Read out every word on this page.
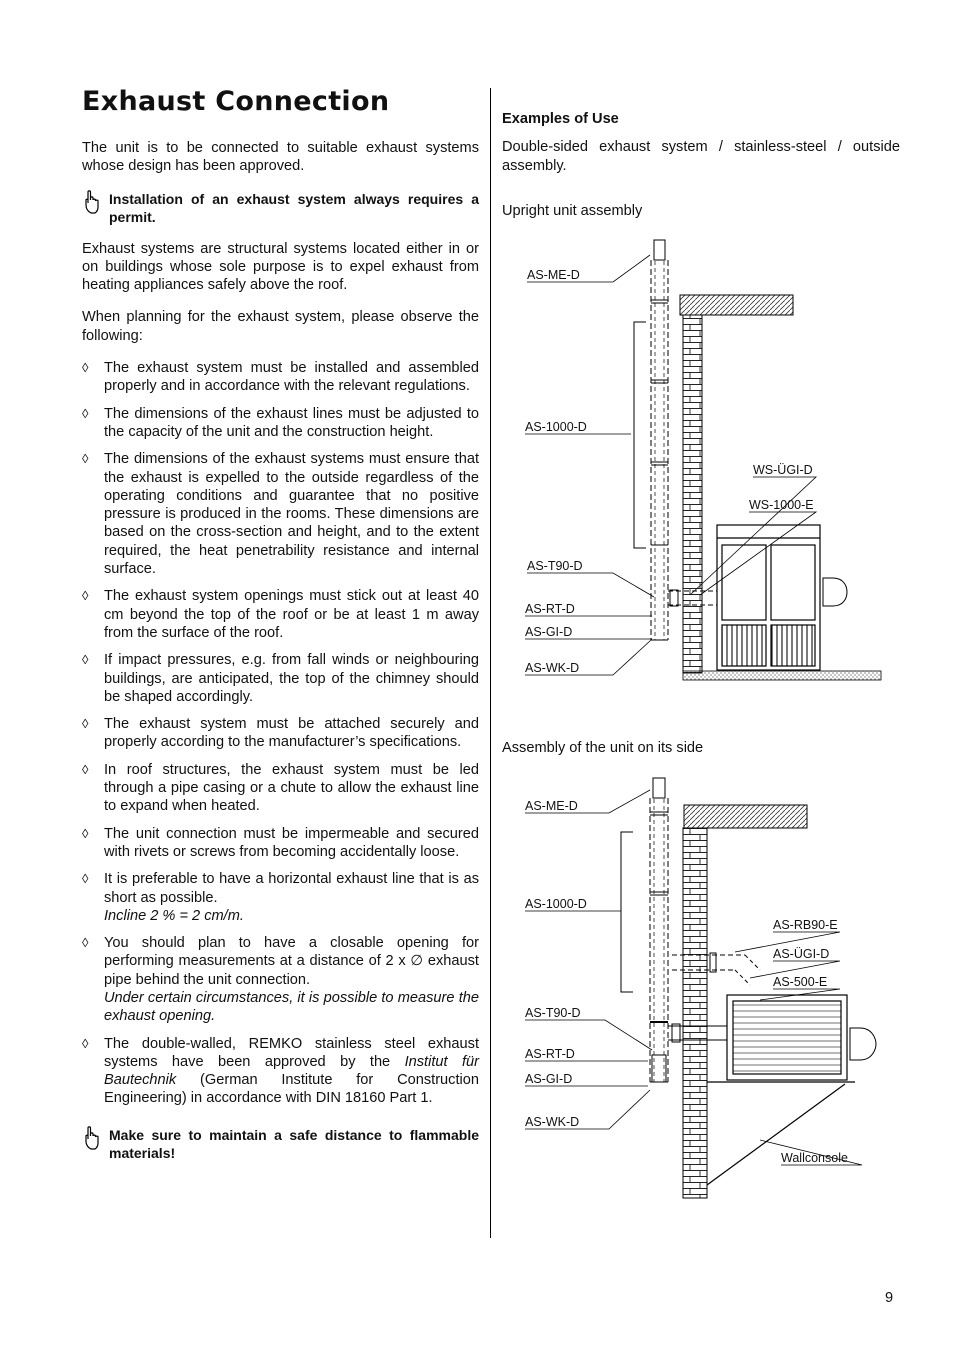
Exhaust Connection

The unit is to be connected to suitable exhaust systems whose design has been approved.

Installation of an exhaust system always requires a permit.

Exhaust systems are structural systems located either in or on buildings whose sole purpose is to expel exhaust from heating appliances safely above the roof.

When planning for the exhaust system, please observe the following:

◊ The exhaust system must be installed and assembled properly and in accordance with the relevant regulations.
◊ The dimensions of the exhaust lines must be adjusted to the capacity of the unit and the construction height.
◊ The dimensions of the exhaust systems must ensure that the exhaust is expelled to the outside regardless of the operating conditions and guarantee that no positive pressure is produced in the rooms. These dimensions are based on the cross-section and height, and to the extent required, the heat penetrability resistance and internal surface.
◊ The exhaust system openings must stick out at least 40 cm beyond the top of the roof or be at least 1 m away from the surface of the roof.
◊ If impact pressures, e.g. from fall winds or neighbouring buildings, are anticipated, the top of the chimney should be shaped accordingly.
◊ The exhaust system must be attached securely and properly according to the manufacturer’s specifications.
◊ In roof structures, the exhaust system must be led through a pipe casing or a chute to allow the exhaust line to expand when heated.
◊ The unit connection must be impermeable and secured with rivets or screws from becoming accidentally loose.
◊ It is preferable to have a horizontal exhaust line that is as short as possible.
Incline 2 % = 2 cm/m.
◊ You should plan to have a closable opening for performing measurements at a distance of 2 x ∅ exhaust pipe behind the unit connection.
Under certain circumstances, it is possible to measure the exhaust opening.
◊ The double-walled, REMKO stainless steel exhaust systems have been approved by the Institut für Bautechnik (German Institute for Construction Engineering) in accordance with DIN 18160 Part 1.
Make sure to maintain a safe distance to flammable materials!
Examples of Use

Double-sided exhaust system / stainless-steel / outside assembly.

Upright unit assembly
Assembly of the unit on its side
AS-ME-D
AS-1000-D
WS-ÜGI-D
WS-1000-E
AS-T90-D
AS-RT-D
AS-GI-D
AS-WK-D
AS-ME-D
AS-1000-D
AS-RB90-E
AS-ÜGI-D
AS-500-E
AS-T90-D
AS-RT-D
AS-GI-D
AS-WK-D
Wallconsole
9
